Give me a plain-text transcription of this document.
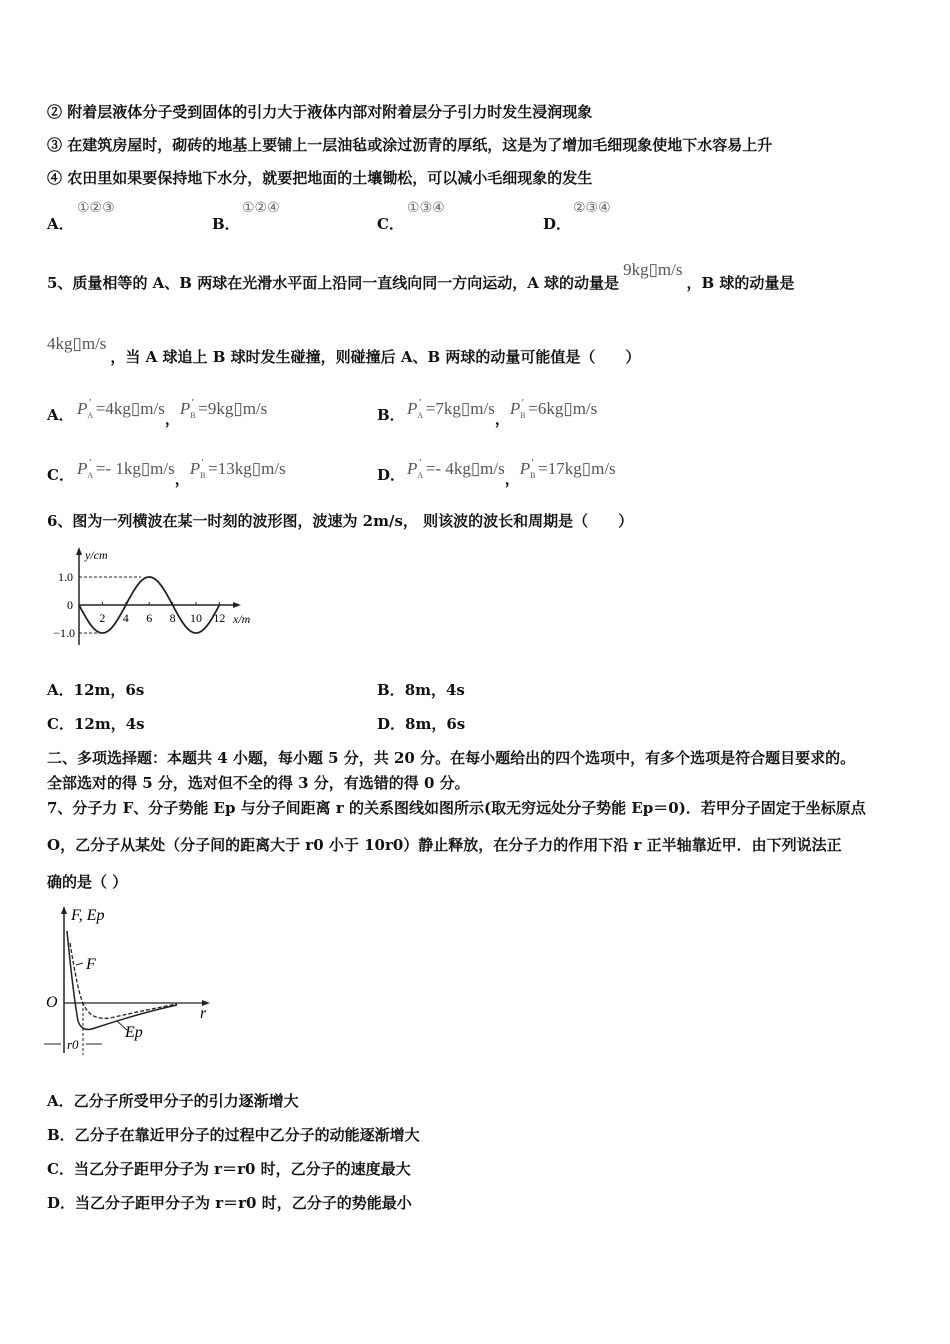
② 附着层液体分子受到固体的引力大于液体内部对附着层分子引力时发生浸润现象
③ 在建筑房屋时，砌砖的地基上要铺上一层油毡或涂过沥青的厚纸，这是为了增加毛细现象使地下水容易上升
④ 农田里如果要保持地下水分，就要把地面的土壤锄松，可以减小毛细现象的发生
A．
①②③
B．
①②④
C．
①③④
D．
②③④
5、质量相等的 A、B 两球在光滑水平面上沿同一直线向同一方向运动，A 球的动量是9kg▯m/s，B 球的动量是
4kg▯m/s，当 A 球追上 B 球时发生碰撞，则碰撞后 A、B 两球的动量可能值是（　　）
A． $P_A'$ =4kg▯m/s，$P_B'$ =9kg▯m/s	B． $P_A'$ =7kg▯m/s，$P_B'$ =6kg▯m/s
C． $P_A'$ =- 1kg▯m/s，$P_B'$ =13kg▯m/s	D． $P_A'$ =- 4kg▯m/s，$P_B'$ =17kg▯m/s
6、图为一列横波在某一时刻的波形图，波速为 2m/s， 则该波的波长和周期是（　　）
y/cm
x/m
1.0
0
−1.0
2 4 6 8 10 12
A．12m，6s	B．8m，4s
C．12m，4s	D．8m，6s
二、多项选择题：本题共 4 小题，每小题 5 分，共 20 分。在每小题给出的四个选项中，有多个选项是符合题目要求的。
全部选对的得 5 分，选对但不全的得 3 分，有选错的得 0 分。
7、分子力 F、分子势能 Ep 与分子间距离 r 的关系图线如图所示(取无穷远处分子势能 Ep＝0)．若甲分子固定于坐标原点
O，乙分子从某处（分子间的距离大于 r0 小于 10r0）静止释放，在分子力的作用下沿 r 正半轴靠近甲．由下列说法正
确的是（ ）
F, Ep
F
Ep
O
r
r0
A．乙分子所受甲分子的引力逐渐增大
B．乙分子在靠近甲分子的过程中乙分子的动能逐渐增大
C．当乙分子距甲分子为 r＝r0 时，乙分子的速度最大
D．当乙分子距甲分子为 r＝r0 时，乙分子的势能最小
